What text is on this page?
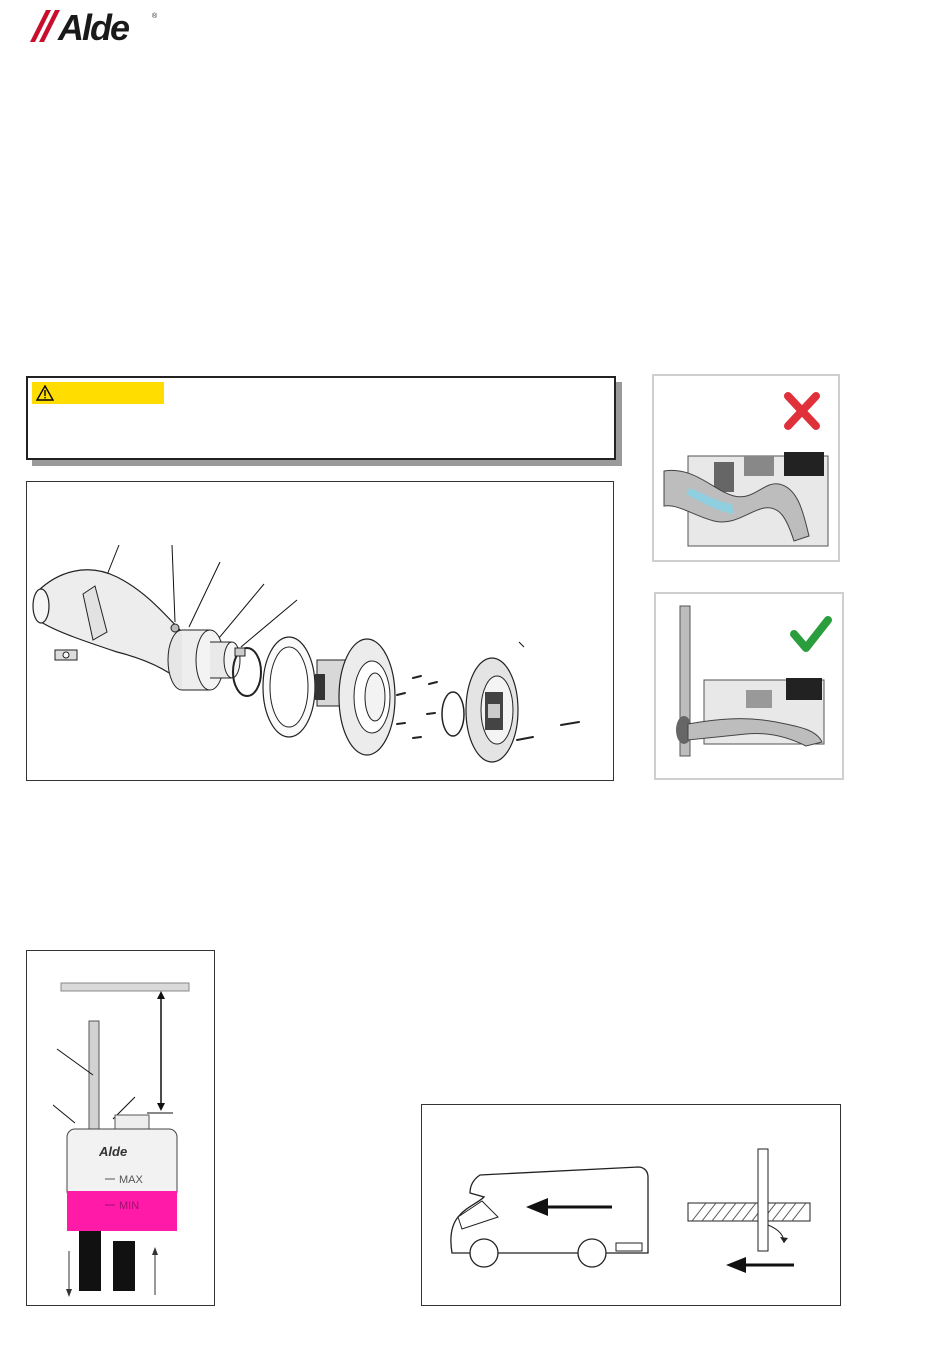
Alde	®
Alde
MAX
MIN
